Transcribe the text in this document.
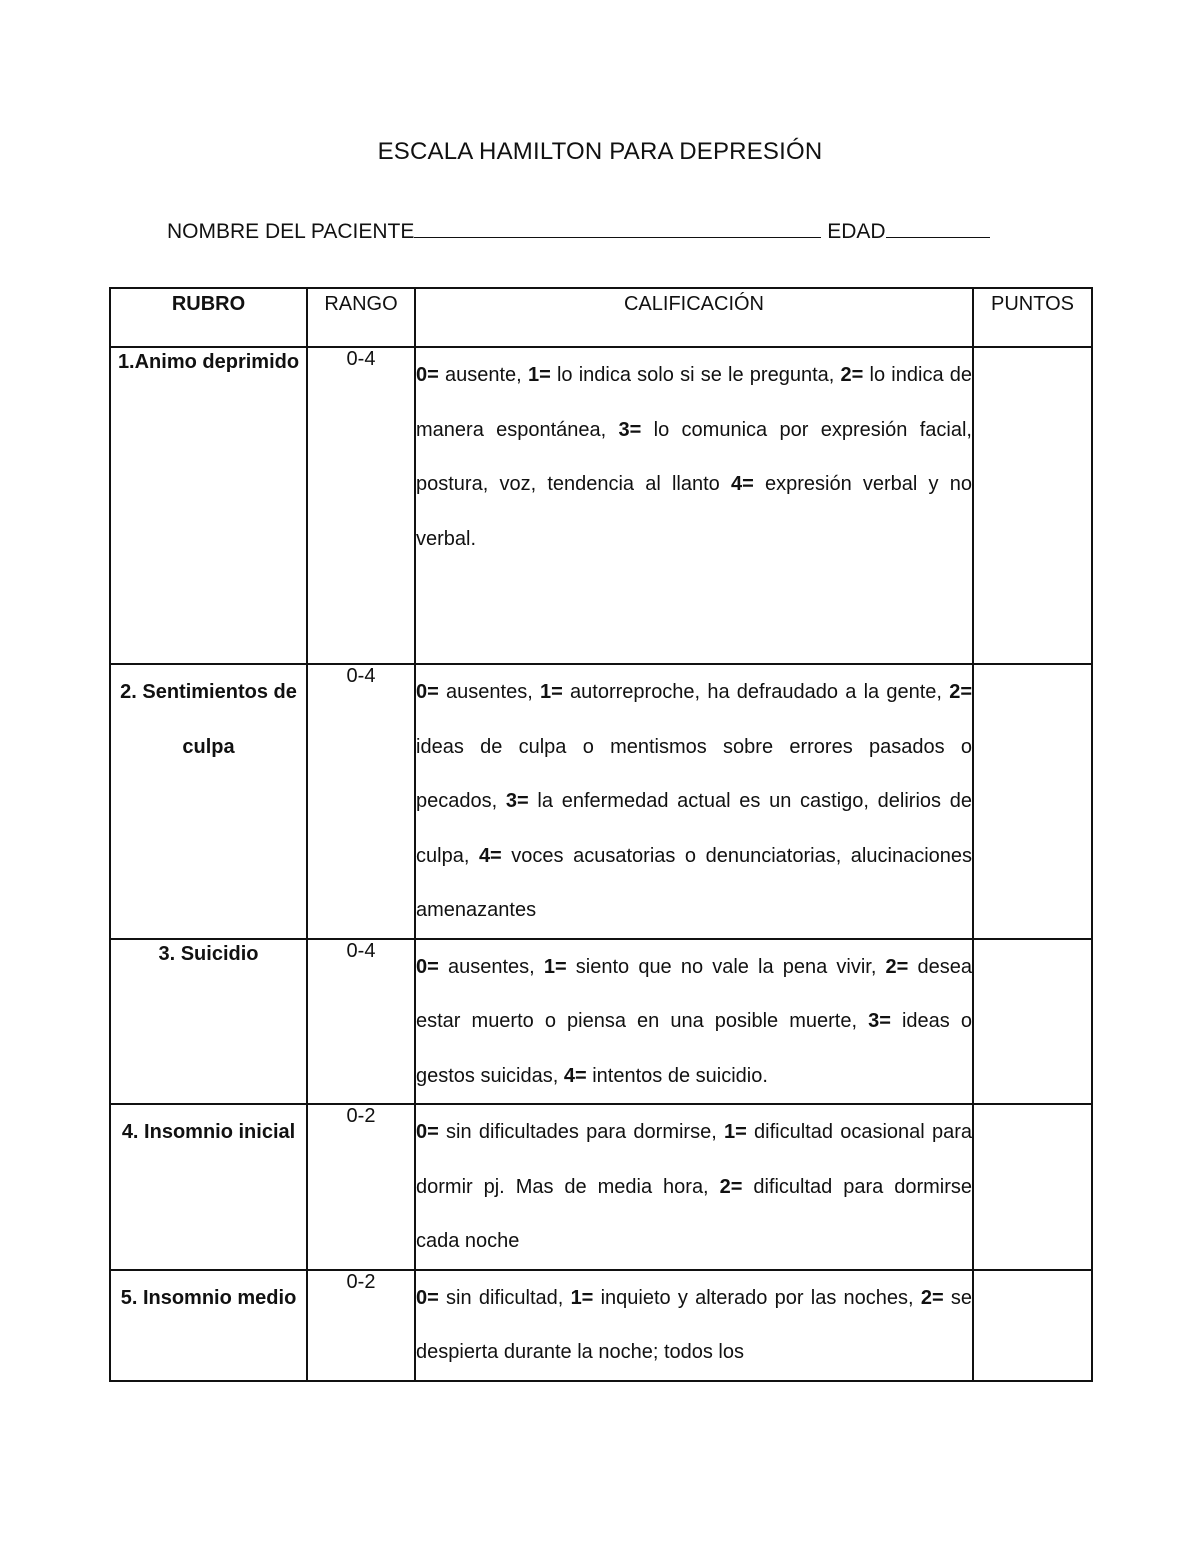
ESCALA HAMILTON PARA DEPRESIÓN
NOMBRE DEL PACIENTE	EDAD
RUBRO	RANGO	CALIFICACIÓN	PUNTOS
1.Animo deprimido	0-4	0= ausente, 1= lo indica solo si se le pregunta, 2= lo indica de manera espontánea, 3= lo comunica por expresión facial, postura, voz, tendencia al llanto 4= expresión verbal y no verbal.	
2. Sentimientos de culpa	0-4	0= ausentes, 1= autorreproche, ha defraudado a la gente, 2= ideas de culpa o mentismos sobre errores pasados o pecados, 3= la enfermedad actual es un castigo, delirios de culpa, 4= voces acusatorias o denunciatorias, alucinaciones amenazantes	
3. Suicidio	0-4	0= ausentes, 1= siento que no vale la pena vivir, 2= desea estar muerto o piensa en una posible muerte, 3= ideas o gestos suicidas, 4= intentos de suicidio.	
4. Insomnio inicial	0-2	0= sin dificultades para dormirse, 1= dificultad ocasional para dormir pj. Mas de media hora, 2= dificultad para dormirse cada noche	
5. Insomnio medio	0-2	0= sin dificultad, 1= inquieto y alterado por las noches, 2= se despierta durante la noche; todos los	
